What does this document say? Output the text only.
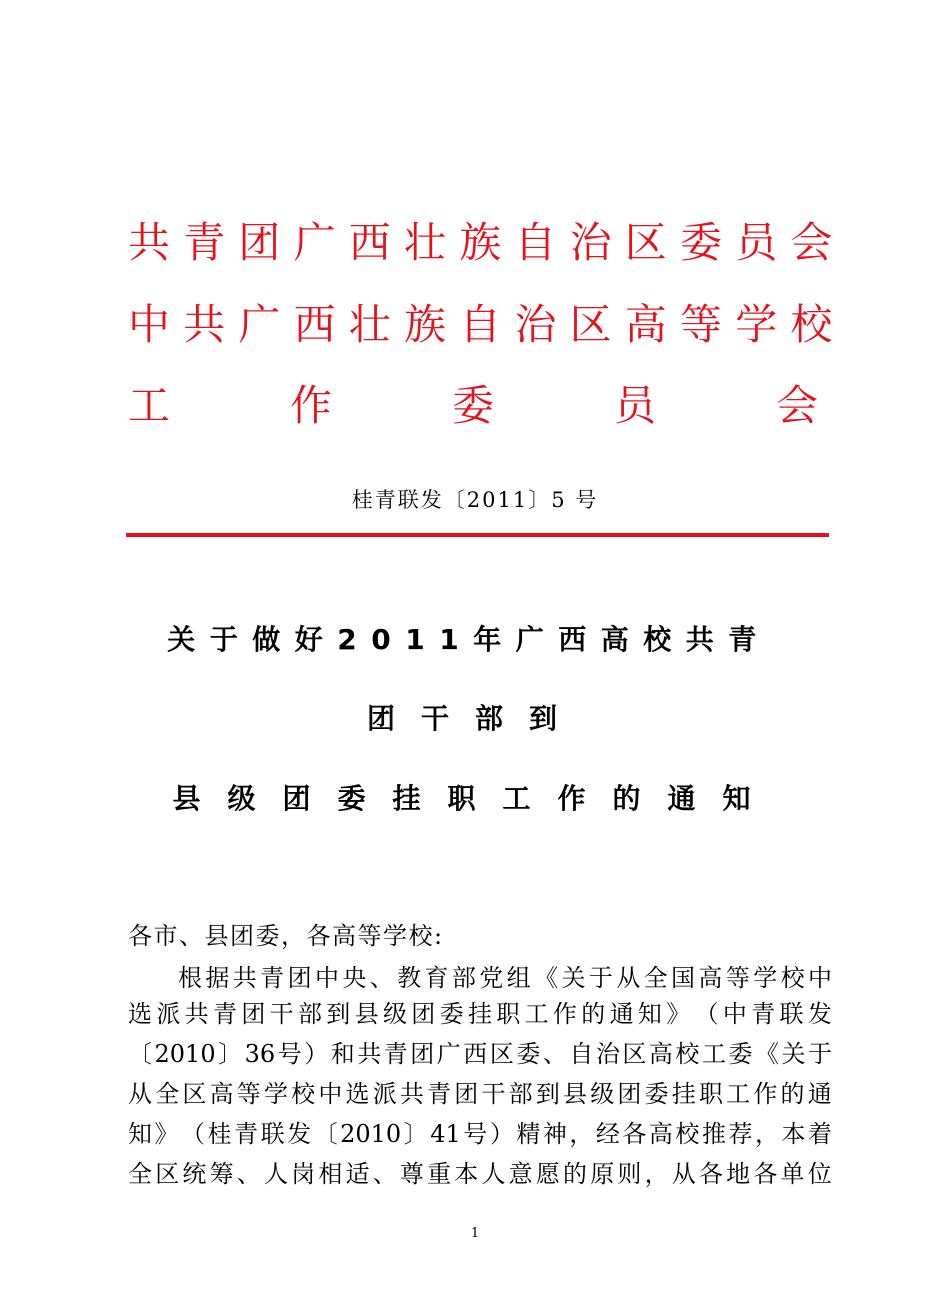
共青团广西壮族自治区委员会
中共广西壮族自治区高等学校
工	作	委	员	会
桂青联发〔2011〕5 号
关于做好2011年广西高校共青
团干部到
县级团委挂职工作的通知
各市、县团委，各高等学校:
根 据 共 青 团 中 央 、 教 育 部 党 组 《 关 于 从 全 国 高 等 学 校 中
选 派 共 青 团 干 部 到 县 级 团 委 挂 职 工 作 的 通 知 》 （ 中 青 联 发
〔 2010 〕 36 号 ） 和 共 青 团 广 西 区 委 、 自 治 区 高 校 工 委 《 关 于
从 全 区 高 等 学 校 中 选 派 共 青 团 干 部 到 县 级 团 委 挂 职 工 作 的 通
知 》 （ 桂 青 联 发 〔 2010 〕 41 号 ） 精 神 ， 经 各 高 校 推 荐 ， 本 着
全 区 统 筹 、 人 岗 相 适 、 尊 重 本 人 意 愿 的 原 则 ， 从 各 地 各 单 位
1
